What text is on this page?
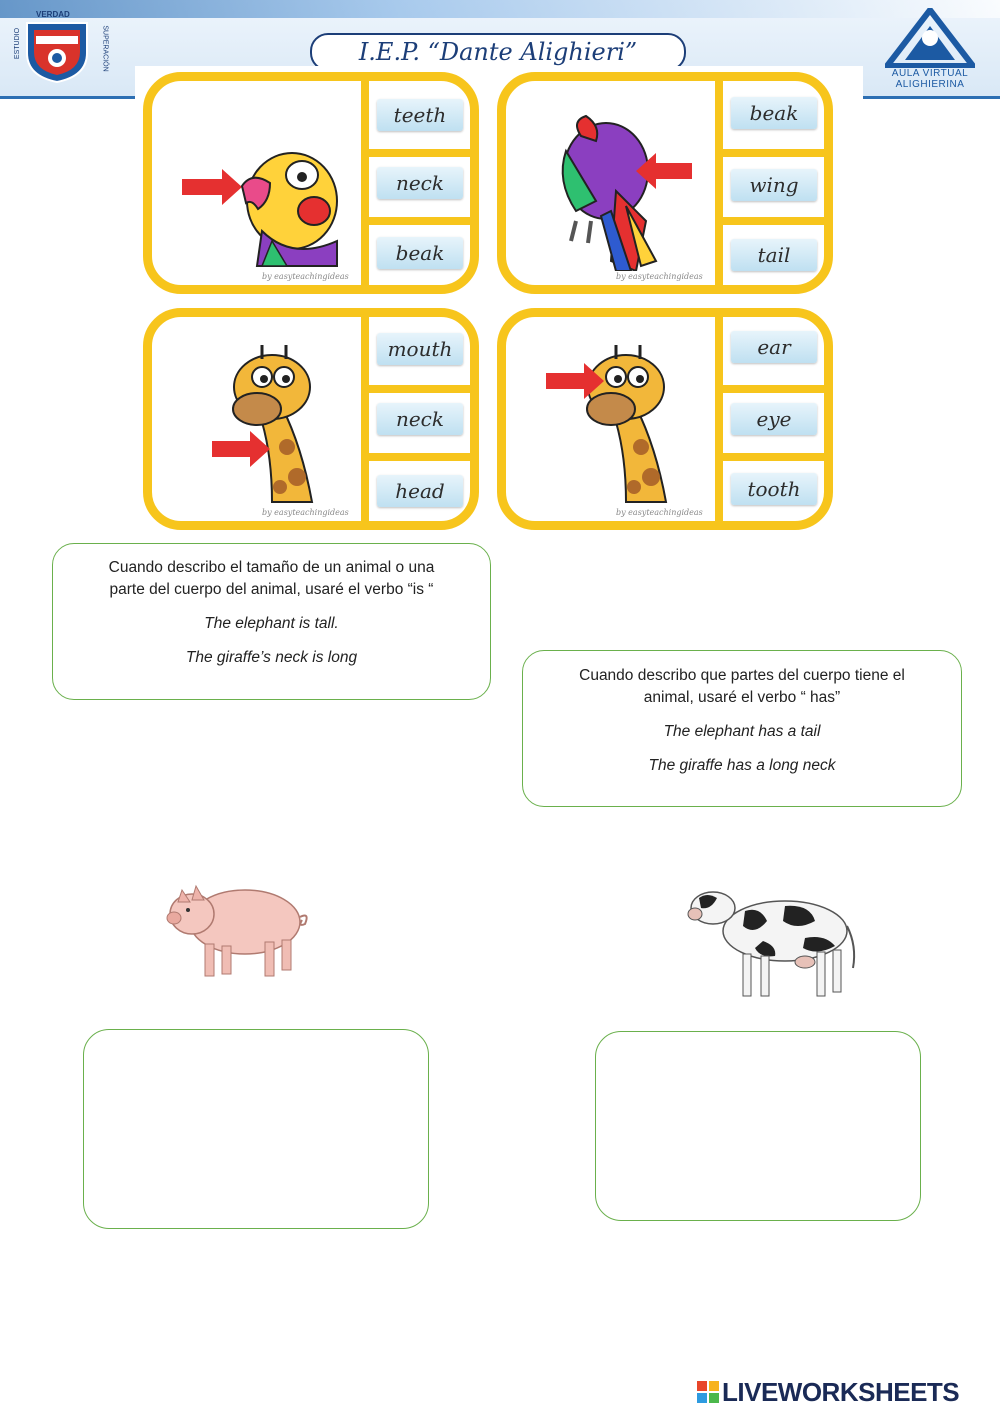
VERDAD
ESTUDIO	SUPERACIÓN	I.E.P. “Dante Alighieri”
AULA VIRTUAL
ALIGHIERINA
teeth
neck
beak
by easyteachingideas
beak
wing
tail
by easyteachingideas
mouth
neck
head
by easyteachingideas
ear
eye
tooth
by easyteachingideas

Cuando describo el tamaño de un animal o una

parte del cuerpo del animal, usaré el verbo “is “

The elephant is tall.

The giraffe’s neck is long

Cuando describo que partes del cuerpo tiene el

animal, usaré el verbo “ has”

The elephant has a tail

The giraffe has a long neck

LIVEWORKSHEETS
